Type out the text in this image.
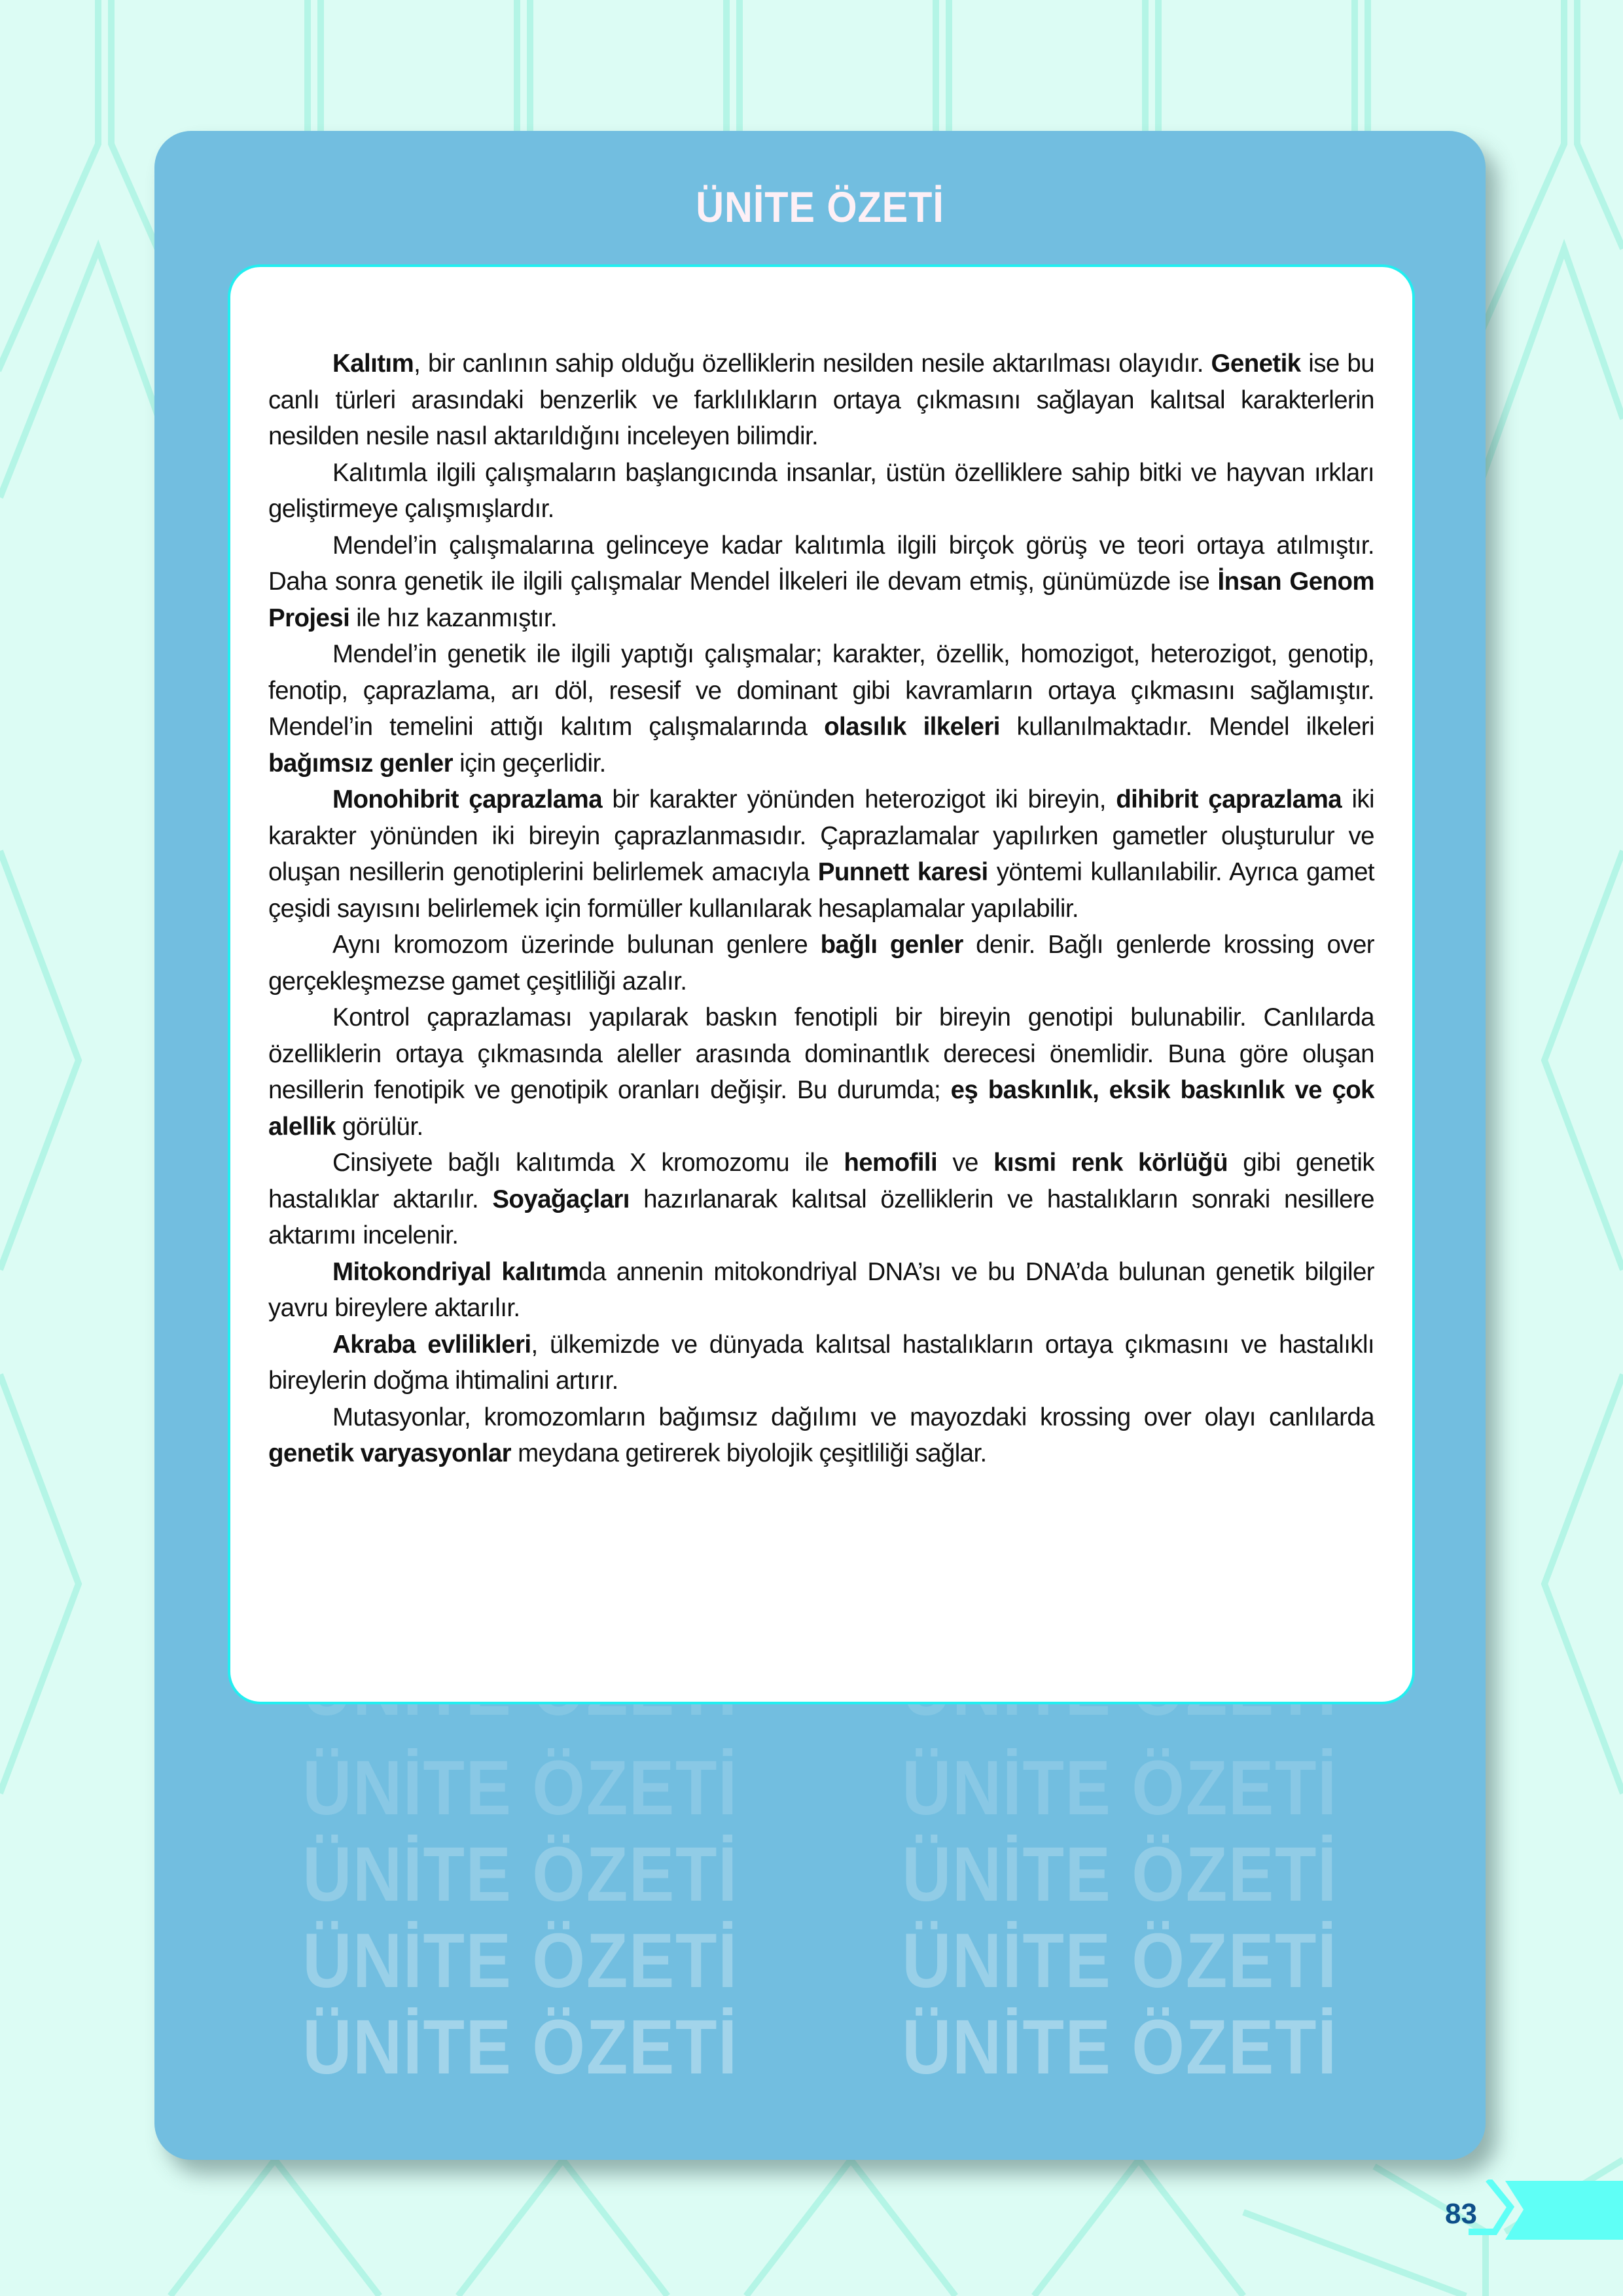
ÜNİTE ÖZETİ
ÜNİTE ÖZETİ ÜNİTE ÖZETİ
ÜNİTE ÖZETİ ÜNİTE ÖZETİ
ÜNİTE ÖZETİ ÜNİTE ÖZETİ
ÜNİTE ÖZETİ ÜNİTE ÖZETİ

Kalıtım, bir canlının sahip olduğu özelliklerin nesilden nesile aktarılması olayıdır. Genetik ise bu canlı türleri arasındaki benzerlik ve farklılıkların ortaya çıkmasını sağlayan kalıtsal karakterlerin nesilden nesile nasıl aktarıldığını inceleyen bilimdir.

Kalıtımla ilgili çalışmaların başlangıcında insanlar, üstün özelliklere sahip bitki ve hayvan ırkları geliştirmeye çalışmışlardır.

Mendel’in çalışmalarına gelinceye kadar kalıtımla ilgili birçok görüş ve teori ortaya atılmıştır. Daha sonra genetik ile ilgili çalışmalar Mendel İlkeleri ile devam etmiş, günümüzde ise İnsan Genom Projesi ile hız kazanmıştır.

Mendel’in genetik ile ilgili yaptığı çalışmalar; karakter, özellik, homozigot, heterozigot, genotip, fenotip, çaprazlama, arı döl, resesif ve dominant gibi kavramların ortaya çıkmasını sağlamıştır. Mendel’in temelini attığı kalıtım çalışmalarında olasılık ilkeleri kullanılmaktadır. Mendel ilkeleri bağımsız genler için geçerlidir.

Monohibrit çaprazlama bir karakter yönünden heterozigot iki bireyin, dihibrit çaprazlama iki karakter yönünden iki bireyin çaprazlanmasıdır. Çaprazlamalar yapılırken gametler oluşturulur ve oluşan nesillerin genotiplerini belirlemek amacıyla Punnett karesi yöntemi kullanılabilir. Ayrıca gamet çeşidi sayısını belirlemek için formüller kullanılarak hesaplamalar yapılabilir.

Aynı kromozom üzerinde bulunan genlere bağlı genler denir. Bağlı genlerde krossing over gerçekleşmezse gamet çeşitliliği azalır.

Kontrol çaprazlaması yapılarak baskın fenotipli bir bireyin genotipi bulunabilir. Canlılarda özelliklerin ortaya çıkmasında aleller arasında dominantlık derecesi önemlidir. Buna göre oluşan nesillerin fenotipik ve genotipik oranları değişir. Bu durumda; eş baskınlık, eksik baskınlık ve çok alellik görülür.

Cinsiyete bağlı kalıtımda X kromozomu ile hemofili ve kısmi renk körlüğü gibi genetik hastalıklar aktarılır. Soyağaçları hazırlanarak kalıtsal özelliklerin ve hastalıkların sonraki nesillere aktarımı incelenir.

Mitokondriyal kalıtımda annenin mitokondriyal DNA’sı ve bu DNA’da bulunan genetik bilgiler yavru bireylere aktarılır.

Akraba evlilikleri, ülkemizde ve dünyada kalıtsal hastalıkların ortaya çıkmasını ve hastalıklı bireylerin doğma ihtimalini artırır.

Mutasyonlar, kromozomların bağımsız dağılımı ve mayozdaki krossing over olayı canlılarda genetik varyasyonlar meydana getirerek biyolojik çeşitliliği sağlar.

83
